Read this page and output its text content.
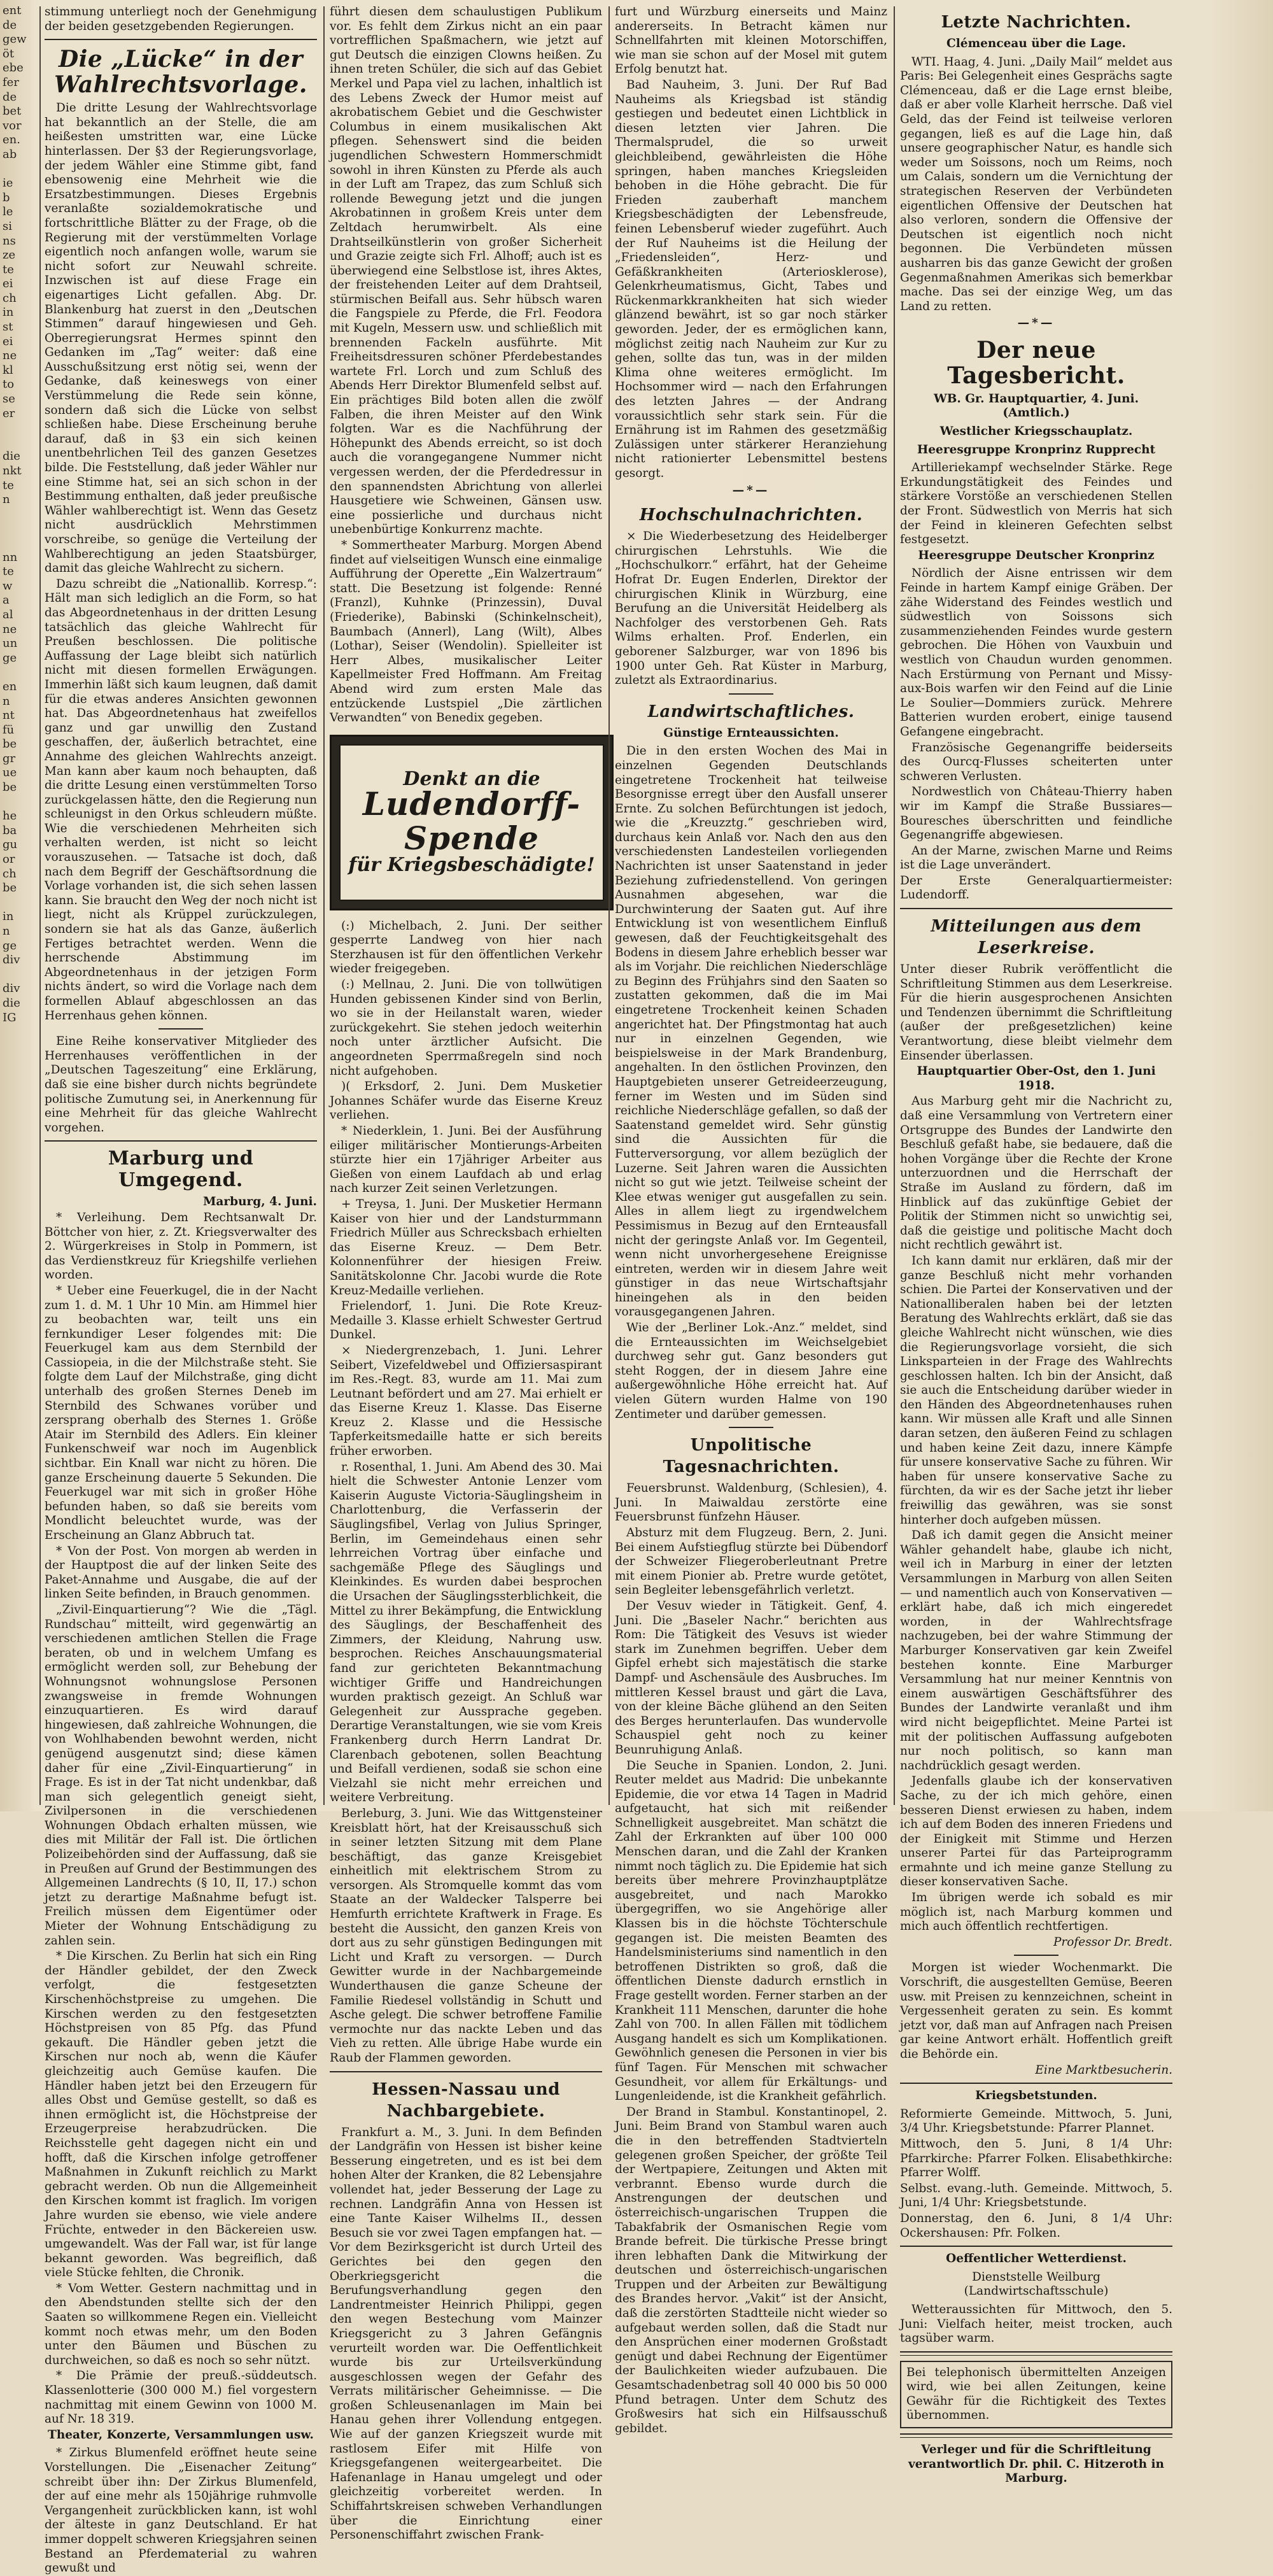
ent
de
gew
öt
ebe
fer
de
bet
vor
en.
ab

ie
b
le
si
ns
ze
te
ei
ch
in
st
ei
ne
kl
to
se
er

die
nkt
te
n

nn
te
w
a
al
ne
un
ge

en
n
nt
fü
be
gr
ue
be

he
ba
gu
or
ch
be

in
n
ge
div

div
die
IG

stimmung unterliegt noch der Genehmigung der beiden gesetzgebenden Regierungen.

Die „Lücke“ in der Wahlrechtsvorlage.

Die dritte Lesung der Wahlrechtsvorlage hat bekanntlich an der Stelle, die am heißesten umstritten war, eine Lücke hinterlassen. Der §3 der Regierungsvorlage, der jedem Wähler eine Stimme gibt, fand ebensowenig eine Mehrheit wie die Ersatzbestimmungen. Dieses Ergebnis veranlaßte sozialdemokratische und fortschrittliche Blätter zu der Frage, ob die Regierung mit der verstümmelten Vorlage eigentlich noch anfangen wolle, warum sie nicht sofort zur Neuwahl schreite. Inzwischen ist auf diese Frage ein eigenartiges Licht gefallen. Abg. Dr. Blankenburg hat zuerst in den „Deutschen Stimmen“ darauf hingewiesen und Geh. Oberregierungsrat Hermes spinnt den Gedanken im „Tag“ weiter: daß eine Ausschußsitzung erst nötig sei, wenn der Gedanke, daß keineswegs von einer Verstümmelung die Rede sein könne, sondern daß sich die Lücke von selbst schließen habe. Diese Erscheinung beruhe darauf, daß in §3 ein sich keinen unentbehrlichen Teil des ganzen Gesetzes bilde. Die Feststellung, daß jeder Wähler nur eine Stimme hat, sei an sich schon in der Bestimmung enthalten, daß jeder preußische Wähler wahlberechtigt ist. Wenn das Gesetz nicht ausdrücklich Mehrstimmen vorschreibe, so genüge die Verteilung der Wahlberechtigung an jeden Staatsbürger, damit das gleiche Wahlrecht zu sichern.

Dazu schreibt die „Nationallib. Korresp.“: Hält man sich lediglich an die Form, so hat das Abgeordnetenhaus in der dritten Lesung tatsächlich das gleiche Wahlrecht für Preußen beschlossen. Die politische Auffassung der Lage bleibt sich natürlich nicht mit diesen formellen Erwägungen. Immerhin läßt sich kaum leugnen, daß damit für die etwas anderes Ansichten gewonnen hat. Das Abgeordnetenhaus hat zweifellos ganz und gar unwillig den Zustand geschaffen, der, äußerlich betrachtet, eine Annahme des gleichen Wahlrechts anzeigt. Man kann aber kaum noch behaupten, daß die dritte Lesung einen verstümmelten Torso zurückgelassen hätte, den die Regierung nun schleunigst in den Orkus schleudern müßte. Wie die verschiedenen Mehrheiten sich verhalten werden, ist nicht so leicht vorauszusehen. — Tatsache ist doch, daß nach dem Begriff der Geschäftsordnung die Vorlage vorhanden ist, die sich sehen lassen kann. Sie braucht den Weg der noch nicht ist liegt, nicht als Krüppel zurückzulegen, sondern sie hat als das Ganze, äußerlich Fertiges betrachtet werden. Wenn die herrschende Abstimmung im Abgeordnetenhaus in der jetzigen Form nichts ändert, so wird die Vorlage nach dem formellen Ablauf abgeschlossen an das Herrenhaus gehen können.

Eine Reihe konservativer Mitglieder des Herrenhauses veröffentlichen in der „Deutschen Tageszeitung“ eine Erklärung, daß sie eine bisher durch nichts begründete politische Zumutung sei, in Anerkennung für eine Mehrheit für das gleiche Wahlrecht vorgehen.

Marburg und Umgegend.
Marburg, 4. Juni.

* Verleihung. Dem Rechtsanwalt Dr. Böttcher von hier, z. Zt. Kriegsverwalter des 2. Würgerkreises in Stolp in Pommern, ist das Verdienstkreuz für Kriegshilfe verliehen worden.

* Ueber eine Feuerkugel, die in der Nacht zum 1. d. M. 1 Uhr 10 Min. am Himmel hier zu beobachten war, teilt uns ein fernkundiger Leser folgendes mit: Die Feuerkugel kam aus dem Sternbild der Cassiopeia, in die der Milchstraße steht. Sie folgte dem Lauf der Milchstraße, ging dicht unterhalb des großen Sternes Deneb im Sternbild des Schwanes vorüber und zersprang oberhalb des Sternes 1. Größe Atair im Sternbild des Adlers. Ein kleiner Funkenschweif war noch im Augenblick sichtbar. Ein Knall war nicht zu hören. Die ganze Erscheinung dauerte 5 Sekunden. Die Feuerkugel war mit sich in großer Höhe befunden haben, so daß sie bereits vom Mondlicht beleuchtet wurde, was der Erscheinung an Glanz Abbruch tat.

* Von der Post. Von morgen ab werden in der Hauptpost die auf der linken Seite des Paket-Annahme und Ausgabe, die auf der linken Seite befinden, in Brauch genommen.

„Zivil-Einquartierung“? Wie die „Tägl. Rundschau“ mitteilt, wird gegenwärtig an verschiedenen amtlichen Stellen die Frage beraten, ob und in welchem Umfang es ermöglicht werden soll, zur Behebung der Wohnungsnot wohnungslose Personen zwangsweise in fremde Wohnungen einzuquartieren. Es wird darauf hingewiesen, daß zahlreiche Wohnungen, die von Wohlhabenden bewohnt werden, nicht genügend ausgenutzt sind; diese kämen daher für eine „Zivil-Einquartierung“ in Frage. Es ist in der Tat nicht undenkbar, daß man sich gelegentlich geneigt sieht, Zivilpersonen in die verschiedenen Wohnungen Obdach erhalten müssen, wie dies mit Militär der Fall ist. Die örtlichen Polizeibehörden sind der Auffassung, daß sie in Preußen auf Grund der Bestimmungen des Allgemeinen Landrechts (§ 10, II, 17.) schon jetzt zu derartige Maßnahme befugt ist. Freilich müssen dem Eigentümer oder Mieter der Wohnung Entschädigung zu zahlen sein.

* Die Kirschen. Zu Berlin hat sich ein Ring der Händler gebildet, der den Zweck verfolgt, die festgesetzten Kirschenhöchstpreise zu umgehen. Die Kirschen werden zu den festgesetzten Höchstpreisen von 85 Pfg. das Pfund gekauft. Die Händler geben jetzt die Kirschen nur noch ab, wenn die Käufer gleichzeitig auch Gemüse kaufen. Die Händler haben jetzt bei den Erzeugern für alles Obst und Gemüse gestellt, so daß es ihnen ermöglicht ist, die Höchstpreise der Erzeugerpreise herabzudrücken. Die Reichsstelle geht dagegen nicht ein und hofft, daß die Kirschen infolge getroffener Maßnahmen in Zukunft reichlich zu Markt gebracht werden. Ob nun die Allgemeinheit den Kirschen kommt ist fraglich. Im vorigen Jahre wurden sie ebenso, wie viele andere Früchte, entweder in den Bäckereien usw. umgewandelt. Was der Fall war, ist für lange bekannt geworden. Was begreiflich, daß viele Stücke fehlten, die Chronik.

* Vom Wetter. Gestern nachmittag und in den Abendstunden stellte sich der den Saaten so willkommene Regen ein. Vielleicht kommt noch etwas mehr, um den Boden unter den Bäumen und Büschen zu durchweichen, so daß es noch so sehr nützt.

* Die Prämie der preuß.-süddeutsch. Klassenlotterie (300 000 M.) fiel vorgestern nachmittag mit einem Gewinn von 1000 M. auf Nr. 18 319.

Theater, Konzerte, Versammlungen usw.

* Zirkus Blumenfeld eröffnet heute seine Vorstellungen. Die „Eisenacher Zeitung“ schreibt über ihn: Der Zirkus Blumenfeld, der auf eine mehr als 150jährige ruhmvolle Vergangenheit zurückblicken kann, ist wohl der älteste in ganz Deutschland. Er hat immer doppelt schweren Kriegsjahren seinen Bestand an Pferdematerial zu wahren gewußt und

führt diesen dem schaulustigen Publikum vor. Es fehlt dem Zirkus nicht an ein paar vortrefflichen Spaßmachern, wie jetzt auf gut Deutsch die einzigen Clowns heißen. Zu ihnen treten Schüler, die sich auf das Gebiet Merkel und Papa viel zu lachen, inhaltlich ist des Lebens Zweck der Humor meist auf akrobatischem Gebiet und die Geschwister Columbus in einem musikalischen Akt pflegen. Sehenswert sind die beiden jugendlichen Schwestern Hommerschmidt sowohl in ihren Künsten zu Pferde als auch in der Luft am Trapez, das zum Schluß sich rollende Bewegung jetzt und die jungen Akrobatinnen in großem Kreis unter dem Zeltdach herumwirbelt. Als eine Drahtseilkünstlerin von großer Sicherheit und Grazie zeigte sich Frl. Alhoff; auch ist es überwiegend eine Selbstlose ist, ihres Aktes, der freistehenden Leiter auf dem Drahtseil, stürmischen Beifall aus. Sehr hübsch waren die Fangspiele zu Pferde, die Frl. Feodora mit Kugeln, Messern usw. und schließlich mit brennenden Fackeln ausführte. Mit Freiheitsdressuren schöner Pferdebestandes wartete Frl. Lorch und zum Schluß des Abends Herr Direktor Blumenfeld selbst auf. Ein prächtiges Bild boten allen die zwölf Falben, die ihren Meister auf den Wink folgten. War es die Nachführung der Höhepunkt des Abends erreicht, so ist doch auch die vorangegangene Nummer nicht vergessen werden, der die Pferdedressur in den spannendsten Abrichtung von allerlei Hausgetiere wie Schweinen, Gänsen usw. eine possierliche und durchaus nicht unebenbürtige Konkurrenz machte.

* Sommertheater Marburg. Morgen Abend findet auf vielseitigen Wunsch eine einmalige Aufführung der Operette „Ein Walzertraum“ statt. Die Besetzung ist folgende: Renné (Franzl), Kuhnke (Prinzessin), Duval (Friederike), Babinski (Schinkelnscheit), Baumbach (Annerl), Lang (Wilt), Albes (Lothar), Seiser (Wendolin). Spielleiter ist Herr Albes, musikalischer Leiter Kapellmeister Fred Hoffmann. Am Freitag Abend wird zum ersten Male das entzückende Lustspiel „Die zärtlichen Verwandten“ von Benedix gegeben.

Denkt an die
Ludendorff-Spende
für Kriegsbeschädigte!

(:) Michelbach, 2. Juni. Der seither gesperrte Landweg von hier nach Sterzhausen ist für den öffentlichen Verkehr wieder freigegeben.

(:) Mellnau, 2. Juni. Die von tollwütigen Hunden gebissenen Kinder sind von Berlin, wo sie in der Heilanstalt waren, wieder zurückgekehrt. Sie stehen jedoch weiterhin noch unter ärztlicher Aufsicht. Die angeordneten Sperrmaßregeln sind noch nicht aufgehoben.

)( Erksdorf, 2. Juni. Dem Musketier Johannes Schäfer wurde das Eiserne Kreuz verliehen.

* Niederklein, 1. Juni. Bei der Ausführung eiliger militärischer Montierungs-Arbeiten stürzte hier ein 17jähriger Arbeiter aus Gießen von einem Laufdach ab und erlag nach kurzer Zeit seinen Verletzungen.

+ Treysa, 1. Juni. Der Musketier Hermann Kaiser von hier und der Landsturmmann Friedrich Müller aus Schrecksbach erhielten das Eiserne Kreuz. — Dem Betr. Kolonnenführer der hiesigen Freiw. Sanitätskolonne Chr. Jacobi wurde die Rote Kreuz-Medaille verliehen.

Frielendorf, 1. Juni. Die Rote Kreuz-Medaille 3. Klasse erhielt Schwester Gertrud Dunkel.

× Niedergrenzebach, 1. Juni. Lehrer Seibert, Vizefeldwebel und Offiziersaspirant im Res.-Regt. 83, wurde am 11. Mai zum Leutnant befördert und am 27. Mai erhielt er das Eiserne Kreuz 1. Klasse. Das Eiserne Kreuz 2. Klasse und die Hessische Tapferkeitsmedaille hatte er sich bereits früher erworben.

r. Rosenthal, 1. Juni. Am Abend des 30. Mai hielt die Schwester Antonie Lenzer vom Kaiserin Auguste Victoria-Säuglingsheim in Charlottenburg, die Verfasserin der Säuglingsfibel, Verlag von Julius Springer, Berlin, im Gemeindehaus einen sehr lehrreichen Vortrag über einfache und sachgemäße Pflege des Säuglings und Kleinkindes. Es wurden dabei besprochen die Ursachen der Säuglingssterblichkeit, die Mittel zu ihrer Bekämpfung, die Entwicklung des Säuglings, der Beschaffenheit des Zimmers, der Kleidung, Nahrung usw. besprochen. Reiches Anschauungsmaterial fand zur gerichteten Bekanntmachung wichtiger Griffe und Handreichungen wurden praktisch gezeigt. An Schluß war Gelegenheit zur Aussprache gegeben. Derartige Veranstaltungen, wie sie vom Kreis Frankenberg durch Herrn Landrat Dr. Clarenbach gebotenen, sollen Beachtung und Beifall verdienen, sodaß sie schon eine Vielzahl sie nicht mehr erreichen und weitere Verbreitung.

Berleburg, 3. Juni. Wie das Wittgensteiner Kreisblatt hört, hat der Kreisausschuß sich in seiner letzten Sitzung mit dem Plane beschäftigt, das ganze Kreisgebiet einheitlich mit elektrischem Strom zu versorgen. Als Stromquelle kommt das vom Staate an der Waldecker Talsperre bei Hemfurth errichtete Kraftwerk in Frage. Es besteht die Aussicht, den ganzen Kreis von dort aus zu sehr günstigen Bedingungen mit Licht und Kraft zu versorgen. — Durch Gewitter wurde in der Nachbargemeinde Wunderthausen die ganze Scheune der Familie Riedesel vollständig in Schutt und Asche gelegt. Die schwer betroffene Familie vermochte nur das nackte Leben und das Vieh zu retten. Alle übrige Habe wurde ein Raub der Flammen geworden.

Hessen-Nassau und Nachbargebiete.

Frankfurt a. M., 3. Juni. In dem Befinden der Landgräfin von Hessen ist bisher keine Besserung eingetreten, und es ist bei dem hohen Alter der Kranken, die 82 Lebensjahre vollendet hat, jeder Besserung der Lage zu rechnen. Landgräfin Anna von Hessen ist eine Tante Kaiser Wilhelms II., dessen Besuch sie vor zwei Tagen empfangen hat. — Vor dem Bezirksgericht ist durch Urteil des Gerichtes bei den gegen den Oberkriegsgericht die Berufungsverhandlung gegen den Landrentmeister Heinrich Philippi, gegen den wegen Bestechung vom Mainzer Kriegsgericht zu 3 Jahren Gefängnis verurteilt worden war. Die Oeffentlichkeit wurde bis zur Urteilsverkündung ausgeschlossen wegen der Gefahr des Verrats militärischer Geheimnisse. — Die großen Schleusenanlagen im Main bei Hanau gehen ihrer Vollendung entgegen. Wie auf der ganzen Kriegszeit wurde mit rastlosem Eifer mit Hilfe von Kriegsgefangenen weitergearbeitet. Die Hafenanlage in Hanau umgelegt und oder gleichzeitig vorbereitet werden. In Schiffahrtskreisen schweben Verhandlungen über die Einrichtung einer Personenschiffahrt zwischen Frank-

furt und Würzburg einerseits und Mainz andererseits. In Betracht kämen nur Schnellfahrten mit kleinen Motorschiffen, wie man sie schon auf der Mosel mit gutem Erfolg benutzt hat.

Bad Nauheim, 3. Juni. Der Ruf Bad Nauheims als Kriegsbad ist ständig gestiegen und bedeutet einen Lichtblick in diesen letzten vier Jahren. Die Thermalsprudel, die so urweit gleichbleibend, gewährleisten die Höhe springen, haben manches Kriegsleiden behoben in die Höhe gebracht. Die für Frieden zauberhaft manchem Kriegsbeschädigten der Lebensfreude, feinen Lebensberuf wieder zugeführt. Auch der Ruf Nauheims ist die Heilung der „Friedensleiden“, Herz- und Gefäßkrankheiten (Arteriosklerose), Gelenkrheumatismus, Gicht, Tabes und Rückenmarkkrankheiten hat sich wieder glänzend bewährt, ist so gar noch stärker geworden. Jeder, der es ermöglichen kann, möglichst zeitig nach Nauheim zur Kur zu gehen, sollte das tun, was in der milden Klima ohne weiteres ermöglicht. Im Hochsommer wird — nach den Erfahrungen des letzten Jahres — der Andrang voraussichtlich sehr stark sein. Für die Ernährung ist im Rahmen des gesetzmäßig Zulässigen unter stärkerer Heranziehung nicht rationierter Lebensmittel bestens gesorgt.

—*—
Hochschulnachrichten.

× Die Wiederbesetzung des Heidelberger chirurgischen Lehrstuhls. Wie die „Hochschulkorr.“ erfährt, hat der Geheime Hofrat Dr. Eugen Enderlen, Direktor der chirurgischen Klinik in Würzburg, eine Berufung an die Universität Heidelberg als Nachfolger des verstorbenen Geh. Rats Wilms erhalten. Prof. Enderlen, ein geborener Salzburger, war von 1896 bis 1900 unter Geh. Rat Küster in Marburg, zuletzt als Extraordinarius.

Landwirtschaftliches.
Günstige Ernteaussichten.

Die in den ersten Wochen des Mai in einzelnen Gegenden Deutschlands eingetretene Trockenheit hat teilweise Besorgnisse erregt über den Ausfall unserer Ernte. Zu solchen Befürchtungen ist jedoch, wie die „Kreuzztg.“ geschrieben wird, durchaus kein Anlaß vor. Nach den aus den verschiedensten Landesteilen vorliegenden Nachrichten ist unser Saatenstand in jeder Beziehung zufriedenstellend. Von geringen Ausnahmen abgesehen, war die Durchwinterung der Saaten gut. Auf ihre Entwicklung ist von wesentlichem Einfluß gewesen, daß der Feuchtigkeitsgehalt des Bodens in diesem Jahre erheblich besser war als im Vorjahr. Die reichlichen Niederschläge zu Beginn des Frühjahrs sind den Saaten so zustatten gekommen, daß die im Mai eingetretene Trockenheit keinen Schaden angerichtet hat. Der Pfingstmontag hat auch nur in einzelnen Gegenden, wie beispielsweise in der Mark Brandenburg, angehalten. In den östlichen Provinzen, den Hauptgebieten unserer Getreideerzeugung, ferner im Westen und im Süden sind reichliche Niederschläge gefallen, so daß der Saatenstand gemeldet wird. Sehr günstig sind die Aussichten für die Futterversorgung, vor allem bezüglich der Luzerne. Seit Jahren waren die Aussichten nicht so gut wie jetzt. Teilweise scheint der Klee etwas weniger gut ausgefallen zu sein. Alles in allem liegt zu irgendwelchem Pessimismus in Bezug auf den Ernteausfall nicht der geringste Anlaß vor. Im Gegenteil, wenn nicht unvorhergesehene Ereignisse eintreten, werden wir in diesem Jahre weit günstiger in das neue Wirtschaftsjahr hineingehen als in den beiden vorausgegangenen Jahren.

Wie der „Berliner Lok.-Anz.“ meldet, sind die Ernteaussichten im Weichselgebiet durchweg sehr gut. Ganz besonders gut steht Roggen, der in diesem Jahre eine außergewöhnliche Höhe erreicht hat. Auf vielen Gütern wurden Halme von 190 Zentimeter und darüber gemessen.

Unpolitische Tagesnachrichten.

Feuersbrunst. Waldenburg, (Schlesien), 4. Juni. In Maiwaldau zerstörte eine Feuersbrunst fünfzehn Häuser.

Absturz mit dem Flugzeug. Bern, 2. Juni. Bei einem Aufstiegflug stürzte bei Dübendorf der Schweizer Fliegeroberleutnant Pretre mit einem Pionier ab. Pretre wurde getötet, sein Begleiter lebensgefährlich verletzt.

Der Vesuv wieder in Tätigkeit. Genf, 4. Juni. Die „Baseler Nachr.“ berichten aus Rom: Die Tätigkeit des Vesuvs ist wieder stark im Zunehmen begriffen. Ueber dem Gipfel erhebt sich majestätisch die starke Dampf- und Aschensäule des Ausbruches. Im mittleren Kessel braust und gärt die Lava, von der kleine Bäche glühend an den Seiten des Berges herunterlaufen. Das wundervolle Schauspiel geht noch zu keiner Beunruhigung Anlaß.

Die Seuche in Spanien. London, 2. Juni. Reuter meldet aus Madrid: Die unbekannte Epidemie, die vor etwa 14 Tagen in Madrid aufgetaucht, hat sich mit reißender Schnelligkeit ausgebreitet. Man schätzt die Zahl der Erkrankten auf über 100 000 Menschen daran, und die Zahl der Kranken nimmt noch täglich zu. Die Epidemie hat sich bereits über mehrere Provinzhauptplätze ausgebreitet, und nach Marokko übergegriffen, wo sie Angehörige aller Klassen bis in die höchste Töchterschule gegangen ist. Die meisten Beamten des Handelsministeriums sind namentlich in den betroffenen Distrikten so groß, daß die öffentlichen Dienste dadurch ernstlich in Frage gestellt worden. Ferner starben an der Krankheit 111 Menschen, darunter die hohe Zahl von 700. In allen Fällen mit tödlichem Ausgang handelt es sich um Komplikationen. Gewöhnlich genesen die Personen in vier bis fünf Tagen. Für Menschen mit schwacher Gesundheit, vor allem für Erkältungs- und Lungenleidende, ist die Krankheit gefährlich.

Der Brand in Stambul. Konstantinopel, 2. Juni. Beim Brand von Stambul waren auch die in den betreffenden Stadtvierteln gelegenen großen Speicher, der größte Teil der Wertpapiere, Zeitungen und Akten mit verbrannt. Ebenso wurde durch die Anstrengungen der deutschen und österreichisch-ungarischen Truppen die Tabakfabrik der Osmanischen Regie vom Brande befreit. Die türkische Presse bringt ihren lebhaften Dank die Mitwirkung der deutschen und österreichisch-ungarischen Truppen und der Arbeiten zur Bewältigung des Brandes hervor. „Vakit“ ist der Ansicht, daß die zerstörten Stadtteile nicht wieder so aufgebaut werden sollen, daß die Stadt nur den Ansprüchen einer modernen Großstadt genügt und dabei Rechnung der Eigentümer der Baulichkeiten wieder aufzubauen. Die Gesamtschadenbetrag soll 40 000 bis 50 000 Pfund betragen. Unter dem Schutz des Großwesirs hat sich ein Hilfsausschuß gebildet.

Letzte Nachrichten.
Clémenceau über die Lage.

WTI. Haag, 4. Juni. „Daily Mail“ meldet aus Paris: Bei Gelegenheit eines Gesprächs sagte Clémenceau, daß er die Lage ernst bleibe, daß er aber volle Klarheit herrsche. Daß viel Geld, das der Feind ist teilweise verloren gegangen, ließ es auf die Lage hin, daß unsere geographischer Natur, es handle sich weder um Soissons, noch um Reims, noch um Calais, sondern um die Vernichtung der strategischen Reserven der Verbündeten eigentlichen Offensive der Deutschen hat also verloren, sondern die Offensive der Deutschen ist eigentlich noch nicht begonnen. Die Verbündeten müssen ausharren bis das ganze Gewicht der großen Gegenmaßnahmen Amerikas sich bemerkbar mache. Das sei der einzige Weg, um das Land zu retten.

—*—
Der neue Tagesbericht.
WB. Gr. Hauptquartier, 4. Juni. (Amtlich.)
Westlicher Kriegsschauplatz.
Heeresgruppe Kronprinz Rupprecht

Artilleriekampf wechselnder Stärke. Rege Erkundungstätigkeit des Feindes und stärkere Vorstöße an verschiedenen Stellen der Front. Südwestlich von Merris hat sich der Feind in kleineren Gefechten selbst festgesetzt.

Heeresgruppe Deutscher Kronprinz

Nördlich der Aisne entrissen wir dem Feinde in hartem Kampf einige Gräben. Der zähe Widerstand des Feindes westlich und südwestlich von Soissons sich zusammenziehenden Feindes wurde gestern gebrochen. Die Höhen von Vauxbuin und westlich von Chaudun wurden genommen. Nach Erstürmung von Pernant und Missy-aux-Bois warfen wir den Feind auf die Linie Le Soulier—Dommiers zurück. Mehrere Batterien wurden erobert, einige tausend Gefangene eingebracht.

Französische Gegenangriffe beiderseits des Ourcq-Flusses scheiterten unter schweren Verlusten.

Nordwestlich von Château-Thierry haben wir im Kampf die Straße Bussiares—Bouresches überschritten und feindliche Gegenangriffe abgewiesen.

An der Marne, zwischen Marne und Reims ist die Lage unverändert.

Der Erste Generalquartiermeister: Ludendorff.

Mitteilungen aus dem Leserkreise.

Unter dieser Rubrik veröffentlicht die Schriftleitung Stimmen aus dem Leserkreise. Für die hierin ausgesprochenen Ansichten und Tendenzen übernimmt die Schriftleitung (außer der preßgesetzlichen) keine Verantwortung, diese bleibt vielmehr dem Einsender überlassen.

Hauptquartier Ober-Ost, den 1. Juni 1918.

Aus Marburg geht mir die Nachricht zu, daß eine Versammlung von Vertretern einer Ortsgruppe des Bundes der Landwirte den Beschluß gefaßt habe, sie bedauere, daß die hohen Vorgänge über die Rechte der Krone unterzuordnen und die Herrschaft der Straße im Ausland zu fördern, daß im Hinblick auf das zukünftige Gebiet der Politik der Stimmen nicht so unwichtig sei, daß die geistige und politische Macht doch nicht rechtlich gewährt ist.

Ich kann damit nur erklären, daß mir der ganze Beschluß nicht mehr vorhanden schien. Die Partei der Konservativen und der Nationalliberalen haben bei der letzten Beratung des Wahlrechts erklärt, daß sie das gleiche Wahlrecht nicht wünschen, wie dies die Regierungsvorlage vorsieht, die sich Linksparteien in der Frage des Wahlrechts geschlossen halten. Ich bin der Ansicht, daß sie auch die Entscheidung darüber wieder in den Händen des Abgeordnetenhauses ruhen kann. Wir müssen alle Kraft und alle Sinnen daran setzen, den äußeren Feind zu schlagen und haben keine Zeit dazu, innere Kämpfe für unsere konservative Sache zu führen. Wir haben für unsere konservative Sache zu fürchten, da wir es der Sache jetzt ihr lieber freiwillig das gewähren, was sie sonst hinterher doch aufgeben müssen.

Daß ich damit gegen die Ansicht meiner Wähler gehandelt habe, glaube ich nicht, weil ich in Marburg in einer der letzten Versammlungen in Marburg von allen Seiten — und namentlich auch von Konservativen — erklärt habe, daß ich mich eingeredet worden, in der Wahlrechtsfrage nachzugeben, bei der wahre Stimmung der Marburger Konservativen gar kein Zweifel bestehen konnte. Eine Marburger Versammlung hat nur meiner Kenntnis von einem auswärtigen Geschäftsführer des Bundes der Landwirte veranlaßt und ihm wird nicht beigepflichtet. Meine Partei ist mit der politischen Auffassung aufgeboten nur noch politisch, so kann man nachdrücklich gesagt werden.

Jedenfalls glaube ich der konservativen Sache, zu der ich mich gehöre, einen besseren Dienst erwiesen zu haben, indem ich auf dem Boden des inneren Friedens und der Einigkeit mit Stimme und Herzen unserer Partei für das Parteiprogramm ermahnte und ich meine ganze Stellung zu dieser konservativen Sache.

Im übrigen werde ich sobald es mir möglich ist, nach Marburg kommen und mich auch öffentlich rechtfertigen.

Professor Dr. Bredt.

Morgen ist wieder Wochenmarkt. Die Vorschrift, die ausgestellten Gemüse, Beeren usw. mit Preisen zu kennzeichnen, scheint in Vergessenheit geraten zu sein. Es kommt jetzt vor, daß man auf Anfragen nach Preisen gar keine Antwort erhält. Hoffentlich greift die Behörde ein.

Eine Marktbesucherin.
Kriegsbetstunden.

Reformierte Gemeinde. Mittwoch, 5. Juni, 3/4 Uhr. Kriegsbetstunde: Pfarrer Plannet.

Mittwoch, den 5. Juni, 8 1/4 Uhr: Pfarrkirche: Pfarrer Folken. Elisabethkirche: Pfarrer Wolff.

Selbst. evang.-luth. Gemeinde. Mittwoch, 5. Juni, 1/4 Uhr: Kriegsbetstunde.

Donnerstag, den 6. Juni, 8 1/4 Uhr: Ockershausen: Pfr. Folken.

Oeffentlicher Wetterdienst.
Dienststelle Weilburg (Landwirtschaftsschule)

Wetteraussichten für Mittwoch, den 5. Juni: Vielfach heiter, meist trocken, auch tagsüber warm.

Bei telephonisch übermittelten Anzeigen wird, wie bei allen Zeitungen, keine Gewähr für die Richtigkeit des Textes übernommen.

Verleger und für die Schriftleitung verantwortlich Dr. phil. C. Hitzeroth in Marburg.
